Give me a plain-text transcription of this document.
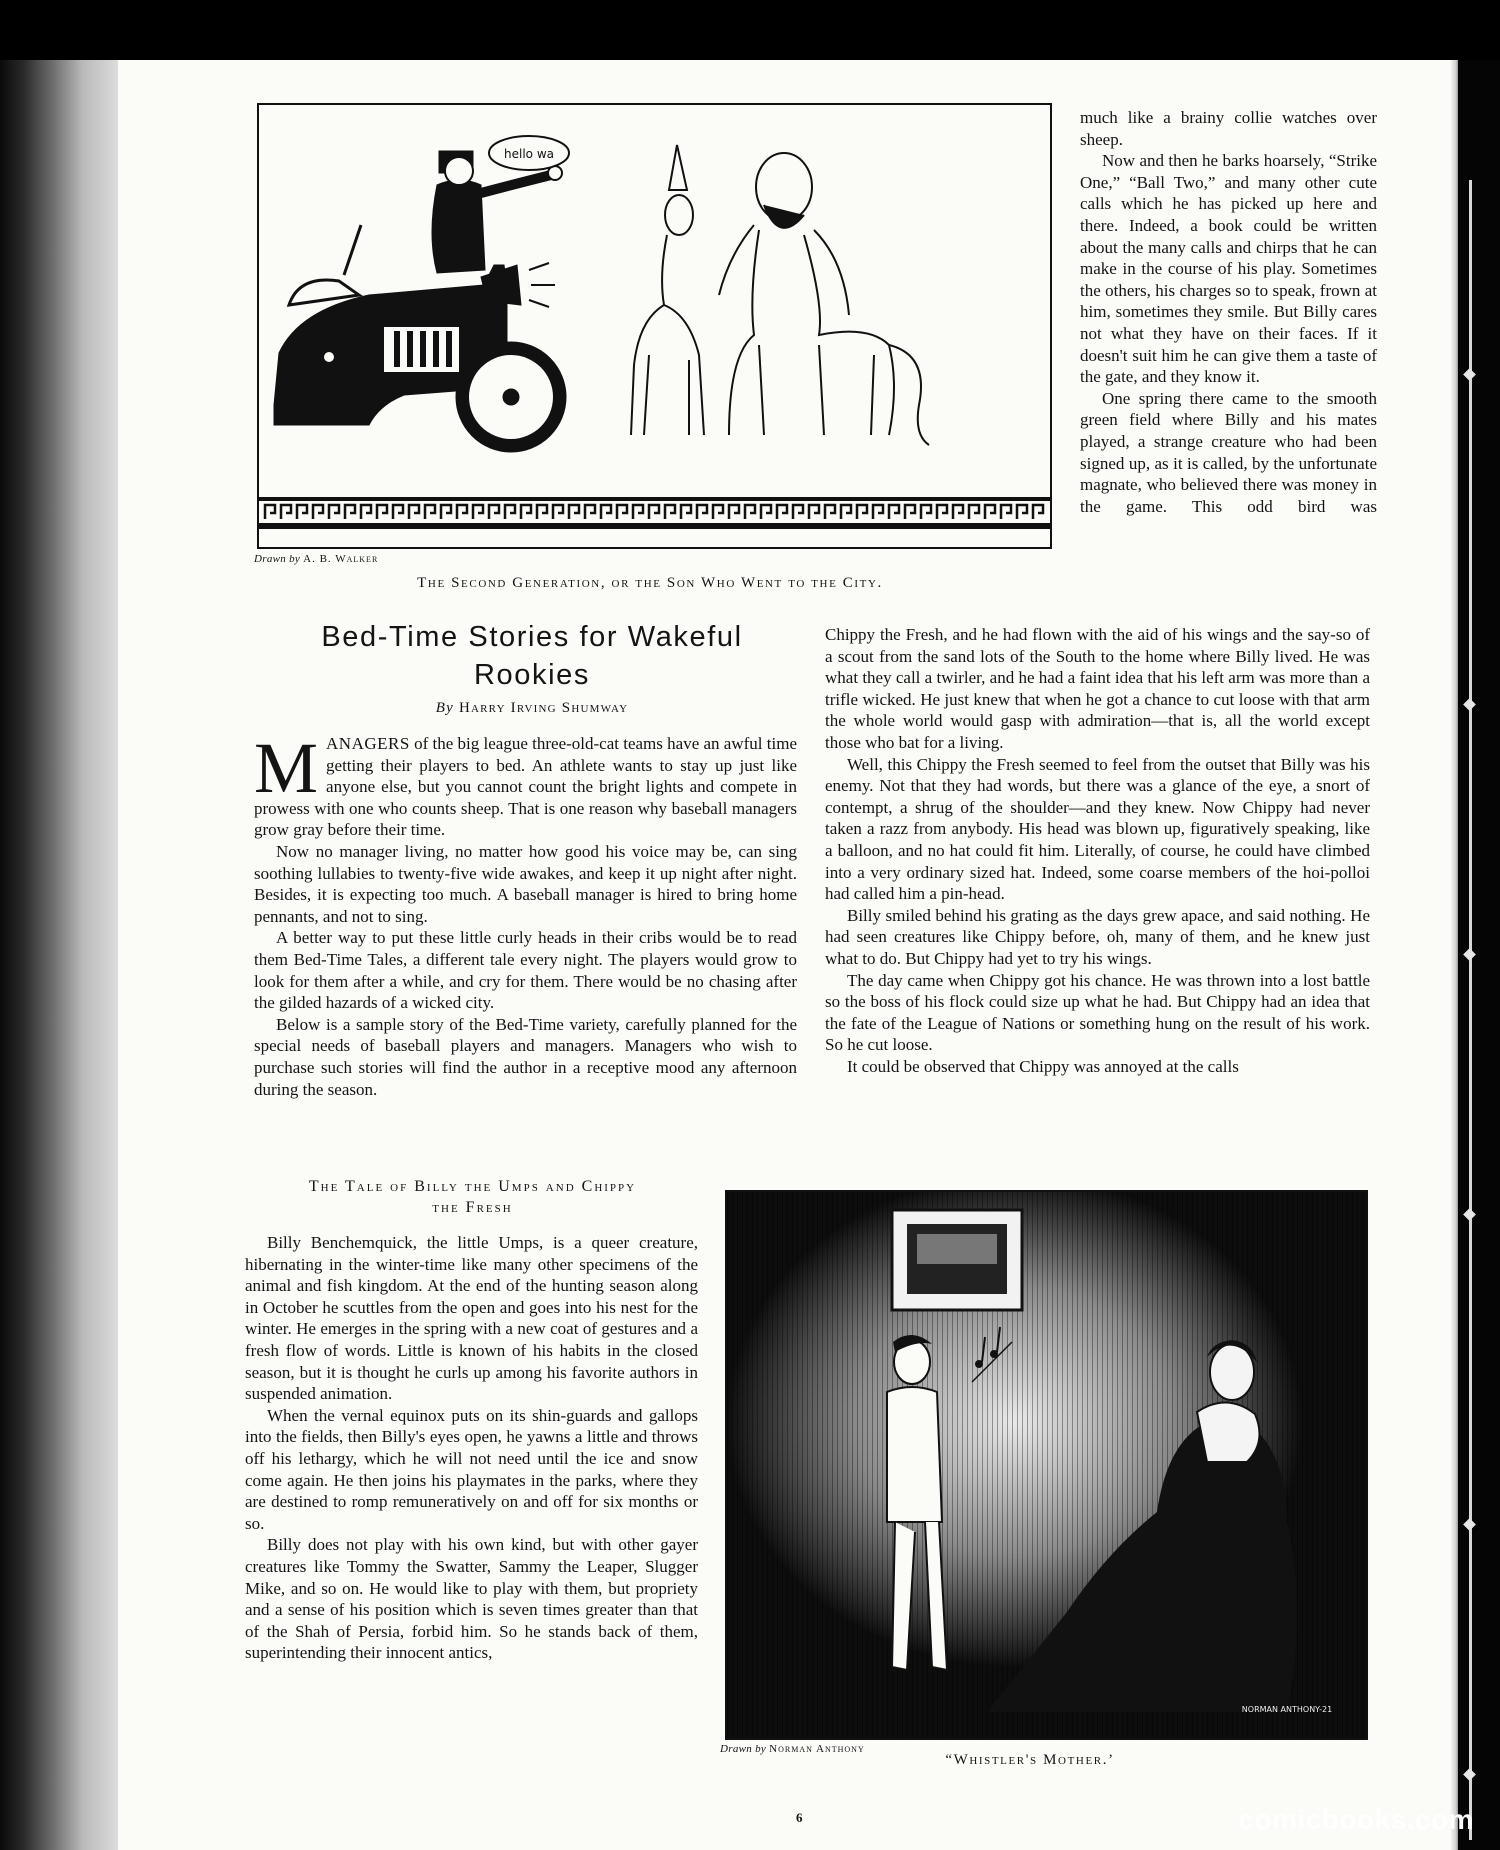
hello wa
Drawn by A. B. Walker
The Second Generation, or the Son Who Went to the City.
Bed-Time Stories for Wakeful
Rookies
By Harry Irving Shumway

MANAGERS of the big league three-old-cat teams have an awful time getting their players to bed. An athlete wants to stay up just like anyone else, but you cannot count the bright lights and compete in prowess with one who counts sheep. That is one reason why baseball managers grow gray before their time.

Now no manager living, no matter how good his voice may be, can sing soothing lullabies to twenty-five wide awakes, and keep it up night after night. Besides, it is expecting too much. A baseball manager is hired to bring home pennants, and not to sing.

A better way to put these little curly heads in their cribs would be to read them Bed-Time Tales, a different tale every night. The players would grow to look for them after a while, and cry for them. There would be no chasing after the gilded hazards of a wicked city.

Below is a sample story of the Bed-Time variety, carefully planned for the special needs of baseball players and managers. Managers who wish to purchase such stories will find the author in a receptive mood any afternoon during the season.

The Tale of Billy the Umps and Chippy
the Fresh

Billy Benchemquick, the little Umps, is a queer creature, hibernating in the winter-time like many other specimens of the animal and fish kingdom. At the end of the hunting season along in October he scuttles from the open and goes into his nest for the winter. He emerges in the spring with a new coat of gestures and a fresh flow of words. Little is known of his habits in the closed season, but it is thought he curls up among his favorite authors in suspended animation.

When the vernal equinox puts on its shin-guards and gallops into the fields, then Billy's eyes open, he yawns a little and throws off his lethargy, which he will not need until the ice and snow come again. He then joins his playmates in the parks, where they are destined to romp remuneratively on and off for six months or so.

Billy does not play with his own kind, but with other gayer creatures like Tommy the Swatter, Sammy the Leaper, Slugger Mike, and so on. He would like to play with them, but propriety and a sense of his position which is seven times greater than that of the Shah of Persia, forbid him. So he stands back of them, superintending their innocent antics,

much like a brainy collie watches over sheep.

Now and then he barks hoarsely, “Strike One,” “Ball Two,” and many other cute calls which he has picked up here and there. Indeed, a book could be written about the many calls and chirps that he can make in the course of his play. Sometimes the others, his charges so to speak, frown at him, sometimes they smile. But Billy cares not what they have on their faces. If it doesn't suit him he can give them a taste of the gate, and they know it.

One spring there came to the smooth green field where Billy and his mates played, a strange creature who had been signed up, as it is called, by the unfortunate magnate, who believed there was money in the game. This odd bird was

Chippy the Fresh, and he had flown with the aid of his wings and the say-so of a scout from the sand lots of the South to the home where Billy lived. He was what they call a twirler, and he had a faint idea that his left arm was more than a trifle wicked. He just knew that when he got a chance to cut loose with that arm the whole world would gasp with admiration—that is, all the world except those who bat for a living.

Well, this Chippy the Fresh seemed to feel from the outset that Billy was his enemy. Not that they had words, but there was a glance of the eye, a snort of contempt, a shrug of the shoulder—and they knew. Now Chippy had never taken a razz from anybody. His head was blown up, figuratively speaking, like a balloon, and no hat could fit him. Literally, of course, he could have climbed into a very ordinary sized hat. Indeed, some coarse members of the hoi-polloi had called him a pin-head.

Billy smiled behind his grating as the days grew apace, and said nothing. He had seen creatures like Chippy before, oh, many of them, and he knew just what to do. But Chippy had yet to try his wings.

The day came when Chippy got his chance. He was thrown into a lost battle so the boss of his flock could size up what he had. But Chippy had an idea that the fate of the League of Nations or something hung on the result of his work. So he cut loose.

It could be observed that Chippy was annoyed at the calls

NORMAN ANTHONY-21
Drawn by Norman Anthony
“Whistler's Mother.’
6	comicbooks.com
